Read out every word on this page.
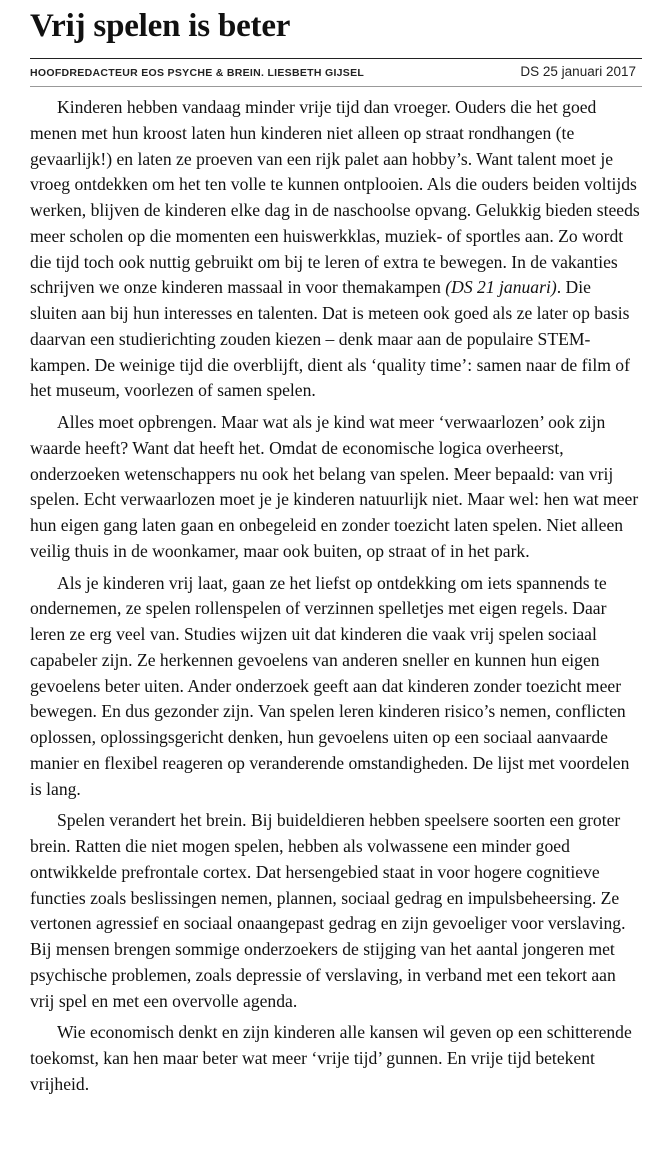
Vrij spelen is beter
HOOFDREDACTEUR EOS PSYCHE & BREIN. LIESBETH GIJSEL	DS 25 januari 2017

Kinderen hebben vandaag minder vrije tijd dan vroeger. Ouders die het goed menen met hun kroost laten hun kinderen niet alleen op straat rondhangen (te gevaarlijk!) en laten ze proeven van een rijk palet aan hobby’s. Want talent moet je vroeg ontdekken om het ten volle te kunnen ontplooien. Als die ouders beiden voltijds werken, blijven de kinderen elke dag in de naschoolse opvang. Gelukkig bieden steeds meer scholen op die momenten een huiswerkklas, muziek- of sportles aan. Zo wordt die tijd toch ook nuttig gebruikt om bij te leren of extra te bewegen. In de vakanties schrijven we onze kinderen massaal in voor themakampen (DS 21 januari). Die sluiten aan bij hun interesses en talenten. Dat is meteen ook goed als ze later op basis daarvan een studierichting zouden kiezen – denk maar aan de populaire STEM-kampen. De weinige tijd die overblijft, dient als ‘quality time’: samen naar de film of het museum, voorlezen of samen spelen.

Alles moet opbrengen. Maar wat als je kind wat meer ‘verwaarlozen’ ook zijn waarde heeft? Want dat heeft het. Omdat de economische logica overheerst, onderzoeken wetenschappers nu ook het belang van spelen. Meer bepaald: van vrij spelen. Echt verwaarlozen moet je je kinderen natuurlijk niet. Maar wel: hen wat meer hun eigen gang laten gaan en onbegeleid en zonder toezicht laten spelen. Niet alleen veilig thuis in de woonkamer, maar ook buiten, op straat of in het park.

Als je kinderen vrij laat, gaan ze het liefst op ontdekking om iets spannends te ondernemen, ze spelen rollenspelen of verzinnen spelletjes met eigen regels. Daar leren ze erg veel van. Studies wijzen uit dat kinderen die vaak vrij spelen sociaal capabeler zijn. Ze herkennen gevoelens van anderen sneller en kunnen hun eigen gevoelens beter uiten. Ander onderzoek geeft aan dat kinderen zonder toezicht meer bewegen. En dus gezonder zijn. Van spelen leren kinderen risico’s nemen, conflicten oplossen, oplossingsgericht denken, hun gevoelens uiten op een sociaal aanvaarde manier en flexibel reageren op veranderende omstandigheden. De lijst met voordelen is lang.

Spelen verandert het brein. Bij buideldieren hebben speelsere soorten een groter brein. Ratten die niet mogen spelen, hebben als volwassene een minder goed ontwikkelde prefrontale cortex. Dat hersengebied staat in voor hogere cognitieve functies zoals beslissingen nemen, plannen, sociaal gedrag en impulsbeheersing. Ze vertonen agressief en sociaal onaangepast gedrag en zijn gevoeliger voor verslaving. Bij mensen brengen sommige onderzoekers de stijging van het aantal jongeren met psychische problemen, zoals depressie of verslaving, in verband met een tekort aan vrij spel en met een overvolle agenda.

Wie economisch denkt en zijn kinderen alle kansen wil geven op een schitterende toekomst, kan hen maar beter wat meer ‘vrije tijd’ gunnen. En vrije tijd betekent vrijheid.
